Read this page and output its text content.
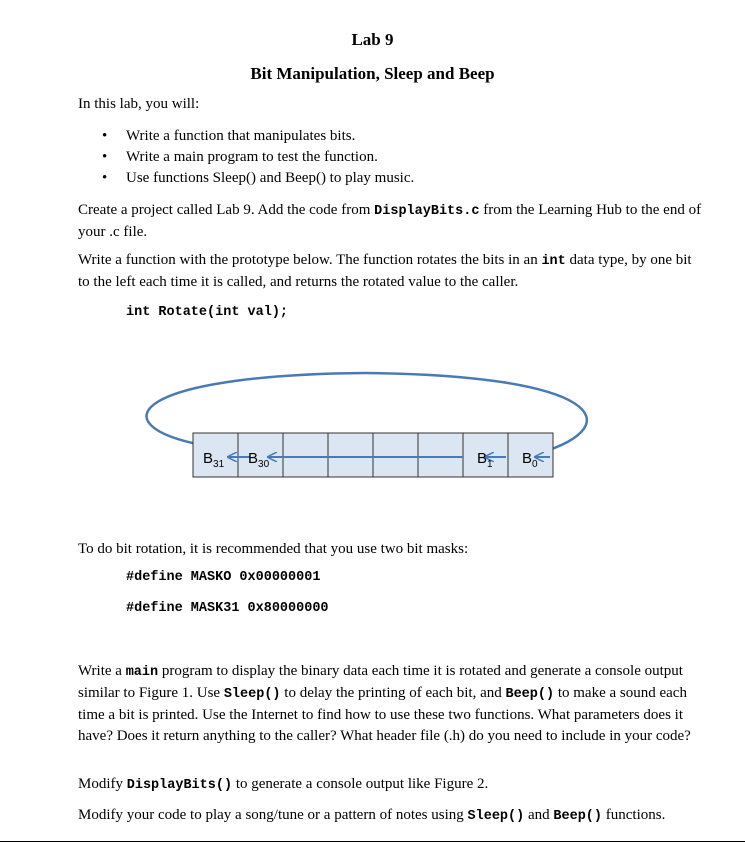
Lab 9
Bit Manipulation, Sleep and Beep

In this lab, you will:

• Write a function that manipulates bits.
• Write a main program to test the function.
• Use functions Sleep() and Beep() to play music.

Create a project called Lab 9. Add the code from DisplayBits.c from the Learning Hub to the end of your .c file.

Write a function with the prototype below. The function rotates the bits in an int data type, by one bit to the left each time it is called, and returns the rotated value to the caller.

int Rotate(int val);
$B_{31}$ $B_{30}$	$B_1$ $B_0$

To do bit rotation, it is recommended that you use two bit masks:

#define MASKO 0x00000001
#define MASK31 0x80000000

Write a main program to display the binary data each time it is rotated and generate a console output similar to Figure 1. Use Sleep() to delay the printing of each bit, and Beep() to make a sound each time a bit is printed. Use the Internet to find how to use these two functions. What parameters does it have? Does it return anything to the caller? What header file (.h) do you need to include in your code?

Modify DisplayBits() to generate a console output like Figure 2.

Modify your code to play a song/tune or a pattern of notes using Sleep() and Beep() functions.
